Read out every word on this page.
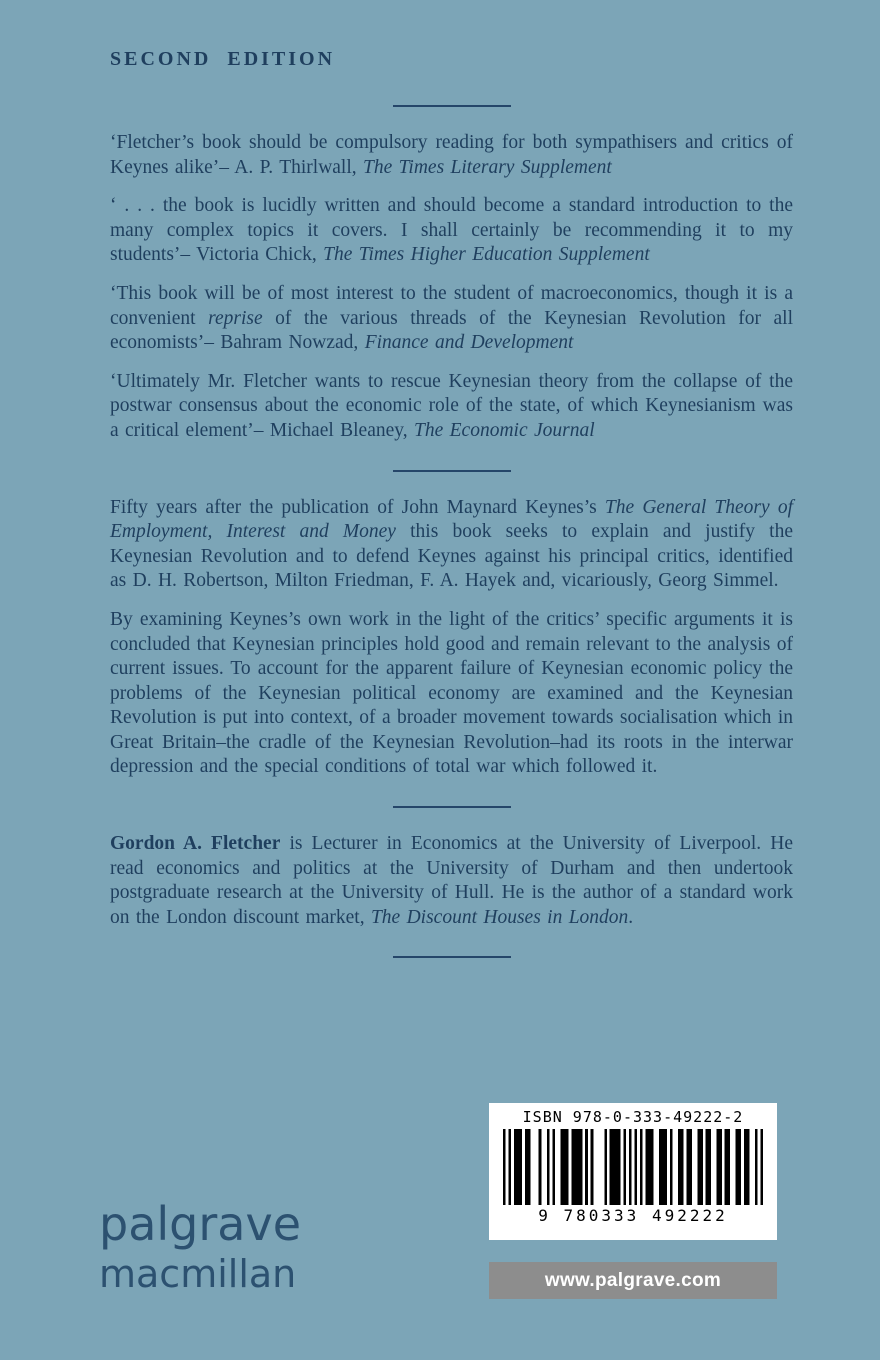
SECOND EDITION

‘Fletcher’s book should be compulsory reading for both sympathisers and critics of Keynes alike’– A. P. Thirlwall, The Times Literary Supplement

‘ . . . the book is lucidly written and should become a standard introduction to the many complex topics it covers. I shall certainly be recommending it to my students’– Victoria Chick, The Times Higher Education Supplement

‘This book will be of most interest to the student of macroeconomics, though it is a convenient reprise of the various threads of the Keynesian Revolution for all economists’– Bahram Nowzad, Finance and Development

‘Ultimately Mr. Fletcher wants to rescue Keynesian theory from the collapse of the postwar consensus about the economic role of the state, of which Keynesianism was a critical element’– Michael Bleaney, The Economic Journal

Fifty years after the publication of John Maynard Keynes’s The General Theory of Employment, Interest and Money this book seeks to explain and justify the Keynesian Revolution and to defend Keynes against his principal critics, identified as D. H. Robertson, Milton Friedman, F. A. Hayek and, vicariously, Georg Simmel.

By examining Keynes’s own work in the light of the critics’ specific arguments it is concluded that Keynesian principles hold good and remain relevant to the analysis of current issues. To account for the apparent failure of Keynesian economic policy the problems of the Keynesian political economy are examined and the Keynesian Revolution is put into context, of a broader movement towards socialisation which in Great Britain–the cradle of the Keynesian Revolution–had its roots in the interwar depression and the special conditions of total war which followed it.

Gordon A. Fletcher is Lecturer in Economics at the University of Liverpool. He read economics and politics at the University of Durham and then undertook postgraduate research at the University of Hull. He is the author of a standard work on the London discount market, The Discount Houses in London.

ISBN 978-0-333-49222-2
9 780333 492222
www.palgrave.com
palgrave
macmillan
